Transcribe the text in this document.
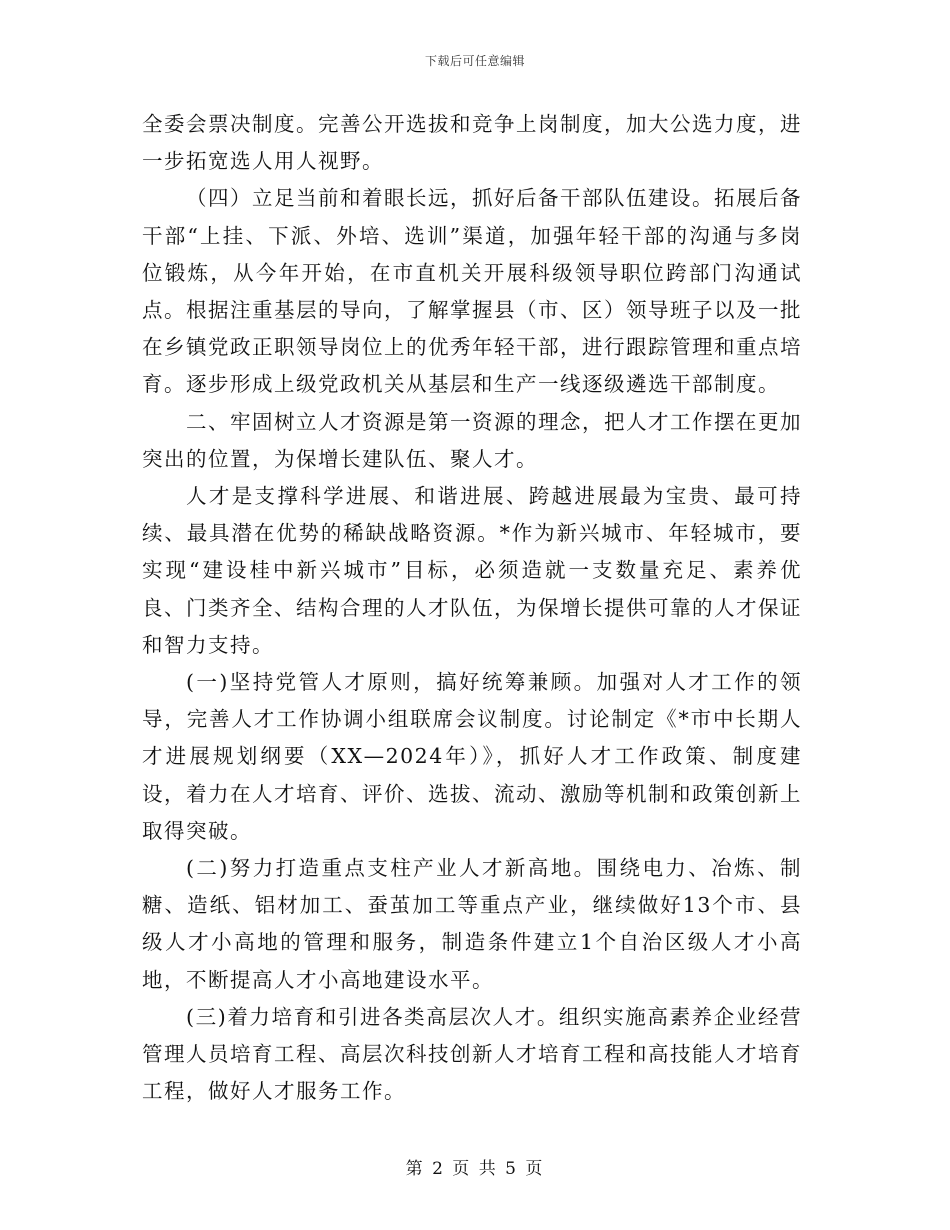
下载后可任意编辑

全委会票决制度。完善公开选拔和竞争上岗制度，加大公选力度，进一步拓宽选人用人视野。

（四）立足当前和着眼长远，抓好后备干部队伍建设。拓展后备干部“上挂、下派、外培、选训”渠道，加强年轻干部的沟通与多岗位锻炼，从今年开始，在市直机关开展科级领导职位跨部门沟通试点。根据注重基层的导向，了解掌握县（市、区）领导班子以及一批在乡镇党政正职领导岗位上的优秀年轻干部，进行跟踪管理和重点培育。逐步形成上级党政机关从基层和生产一线逐级遴选干部制度。

二、牢固树立人才资源是第一资源的理念，把人才工作摆在更加突出的位置，为保增长建队伍、聚人才。

人才是支撑科学进展、和谐进展、跨越进展最为宝贵、最可持续、最具潜在优势的稀缺战略资源。*作为新兴城市、年轻城市，要实现“建设桂中新兴城市”目标，必须造就一支数量充足、素养优良、门类齐全、结构合理的人才队伍，为保增长提供可靠的人才保证和智力支持。

(一)坚持党管人才原则，搞好统筹兼顾。加强对人才工作的领导，完善人才工作协调小组联席会议制度。讨论制定《*市中长期人才进展规划纲要（XX—2024年）》，抓好人才工作政策、制度建设，着力在人才培育、评价、选拔、流动、激励等机制和政策创新上取得突破。

(二)努力打造重点支柱产业人才新高地。围绕电力、冶炼、制糖、造纸、铝材加工、蚕茧加工等重点产业，继续做好13个市、县级人才小高地的管理和服务，制造条件建立1个自治区级人才小高地，不断提高人才小高地建设水平。

(三)着力培育和引进各类高层次人才。组织实施高素养企业经营管理人员培育工程、高层次科技创新人才培育工程和高技能人才培育工程，做好人才服务工作。

第 2 页 共 5 页
